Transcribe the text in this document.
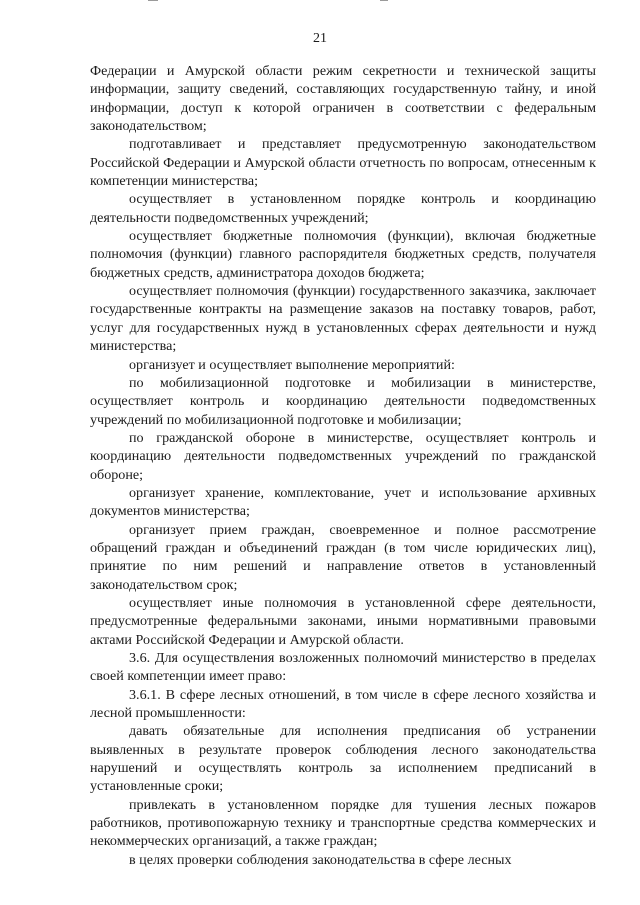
21

Федерации и Амурской области режим секретности и технической защиты информации, защиту сведений, составляющих государственную тайну, и иной информации, доступ к которой ограничен в соответствии с федеральным законодательством;

подготавливает и представляет предусмотренную законодательством Российской Федерации и Амурской области отчетность по вопросам, отнесенным к компетенции министерства;

осуществляет в установленном порядке контроль и координацию деятельности подведомственных учреждений;

осуществляет бюджетные полномочия (функции), включая бюджетные полномочия (функции) главного распорядителя бюджетных средств, получателя бюджетных средств, администратора доходов бюджета;

осуществляет полномочия (функции) государственного заказчика, заключает государственные контракты на размещение заказов на поставку товаров, работ, услуг для государственных нужд в установленных сферах деятельности и нужд министерства;

организует и осуществляет выполнение мероприятий:

по мобилизационной подготовке и мобилизации в министерстве, осуществляет контроль и координацию деятельности подведомственных учреждений по мобилизационной подготовке и мобилизации;

по гражданской обороне в министерстве, осуществляет контроль и координацию деятельности подведомственных учреждений по гражданской обороне;

организует хранение, комплектование, учет и использование архивных документов министерства;

организует прием граждан, своевременное и полное рассмотрение обращений граждан и объединений граждан (в том числе юридических лиц), принятие по ним решений и направление ответов в установленный законодательством срок;

осуществляет иные полномочия в установленной сфере деятельности, предусмотренные федеральными законами, иными нормативными правовыми актами Российской Федерации и Амурской области.

3.6. Для осуществления возложенных полномочий министерство в пределах своей компетенции имеет право:

3.6.1. В сфере лесных отношений, в том числе в сфере лесного хозяйства и лесной промышленности:

давать обязательные для исполнения предписания об устранении выявленных в результате проверок соблюдения лесного законодательства нарушений и осуществлять контроль за исполнением предписаний в установленные сроки;

привлекать в установленном порядке для тушения лесных пожаров работников, противопожарную технику и транспортные средства коммерческих и некоммерческих организаций, а также граждан;

в целях проверки соблюдения законодательства в сфере лесных
